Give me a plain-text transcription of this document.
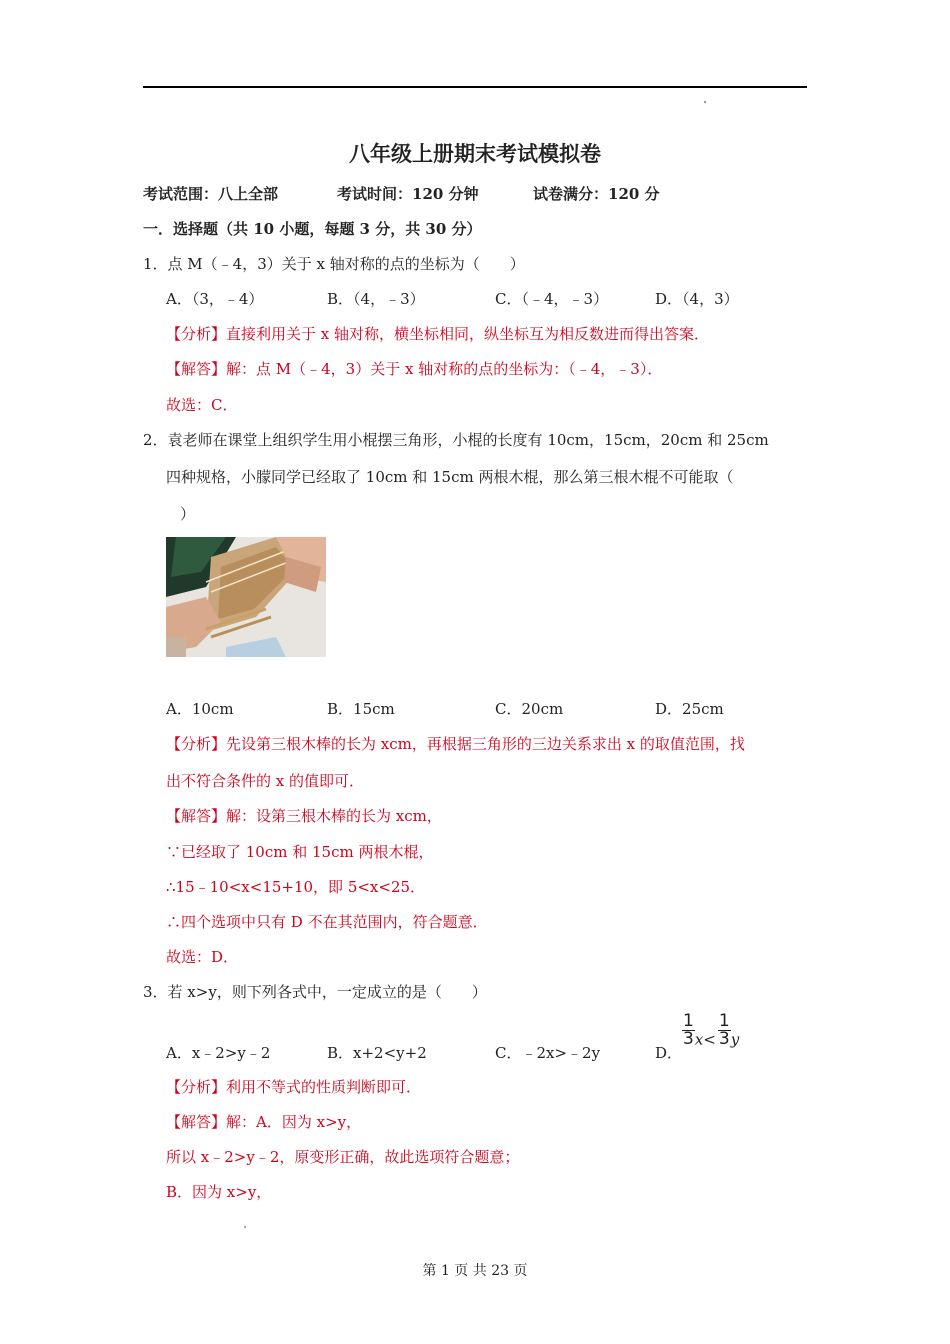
八年级上册期末考试模拟卷
考试范围：八上全部	考试时间：120 分钟	试卷满分：120 分
一．选择题（共 10 小题，每题 3 分，共 30 分）
1．点 M（﹣4，3）关于 x 轴对称的点的坐标为（　　）
A．（3，﹣4）	B．（4，﹣3）	C．（﹣4，﹣3）	D．（4，3）
【分析】直接利用关于 x 轴对称，横坐标相同，纵坐标互为相反数进而得出答案．
【解答】解：点 M（﹣4，3）关于 x 轴对称的点的坐标为：（﹣4，﹣3）．
故选：C．
2．袁老师在课堂上组织学生用小棍摆三角形，小棍的长度有 10cm，15cm，20cm 和 25cm
四种规格，小朦同学已经取了 10cm 和 15cm 两根木棍，那么第三根木棍不可能取（
）
A．10cm	B．15cm	C．20cm	D．25cm
【分析】先设第三根木棒的长为 xcm，再根据三角形的三边关系求出 x 的取值范围，找
出不符合条件的 x 的值即可．
【解答】解：设第三根木棒的长为 xcm，
∵已经取了 10cm 和 15cm 两根木棍，
∴15﹣10<x<15+10，即 5<x<25．
∴四个选项中只有 D 不在其范围内，符合题意．
故选：D．
3．若 x>y，则下列各式中，一定成立的是（　　）
A．x﹣2>y﹣2	B．x+2<y+2	C．﹣2x>﹣2y	D．
$\frac{1}{3} x< \frac{1}{3}$ y
【分析】利用不等式的性质判断即可．
【解答】解：A．因为 x>y，
所以 x﹣2>y﹣2，原变形正确，故此选项符合题意；
B．因为 x>y，
第 1 页 共 23 页
